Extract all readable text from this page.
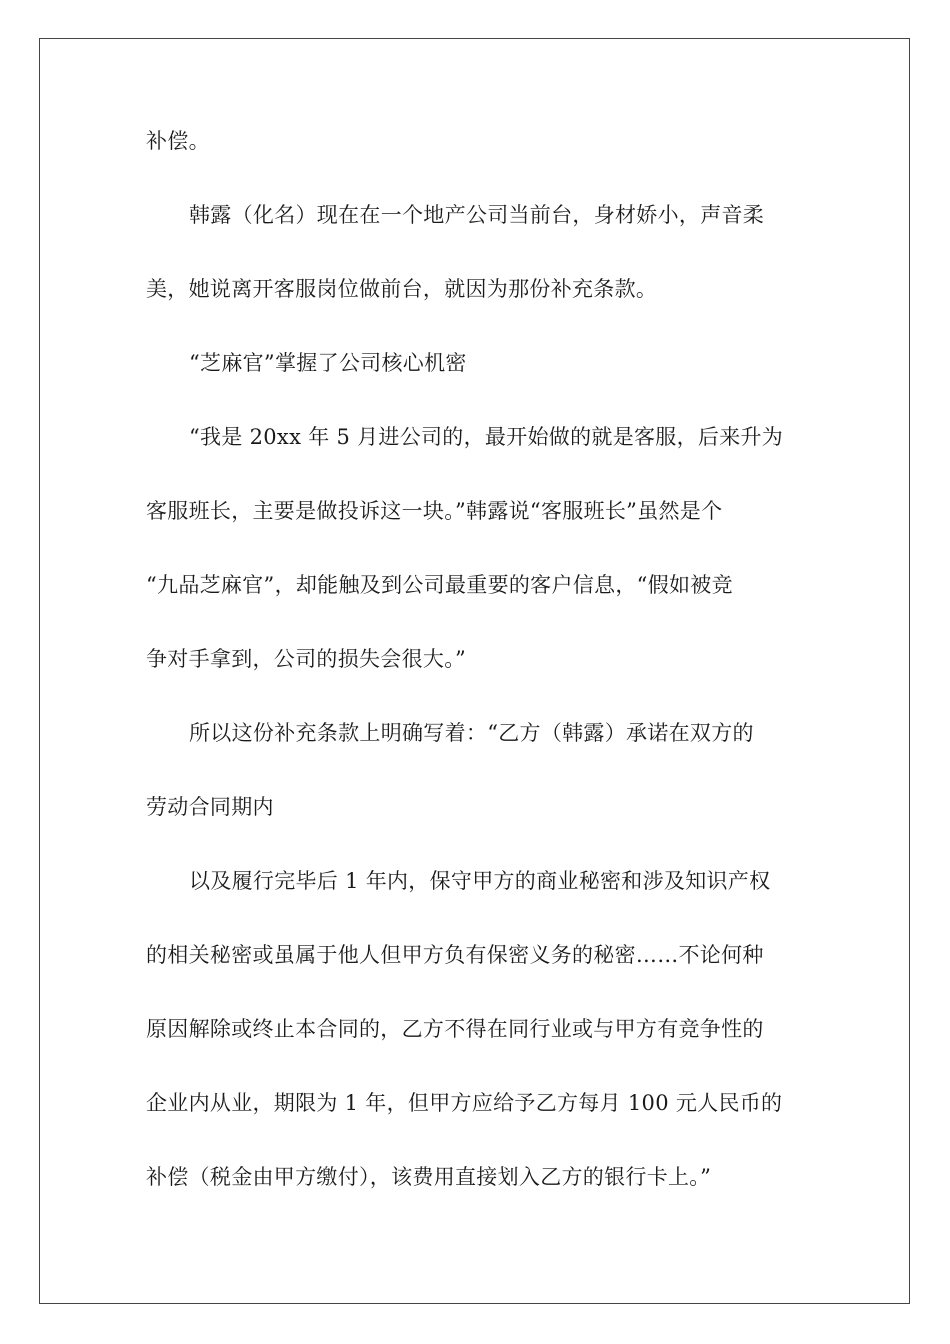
补偿。
韩露（化名）现在在一个地产公司当前台，身材娇小，声音柔
美，她说离开客服岗位做前台，就因为那份补充条款。
“芝麻官”掌握了公司核心机密
“我是 20xx 年 5 月进公司的，最开始做的就是客服，后来升为
客服班长，主要是做投诉这一块。”韩露说“客服班长”虽然是个
“九品芝麻官”，却能触及到公司最重要的客户信息，“假如被竞
争对手拿到，公司的损失会很大。”
所以这份补充条款上明确写着：“乙方（韩露）承诺在双方的
劳动合同期内
以及履行完毕后 1 年内，保守甲方的商业秘密和涉及知识产权
的相关秘密或虽属于他人但甲方负有保密义务的秘密……不论何种
原因解除或终止本合同的，乙方不得在同行业或与甲方有竞争性的
企业内从业，期限为 1 年，但甲方应给予乙方每月 100 元人民币的
补偿（税金由甲方缴付），该费用直接划入乙方的银行卡上。”
